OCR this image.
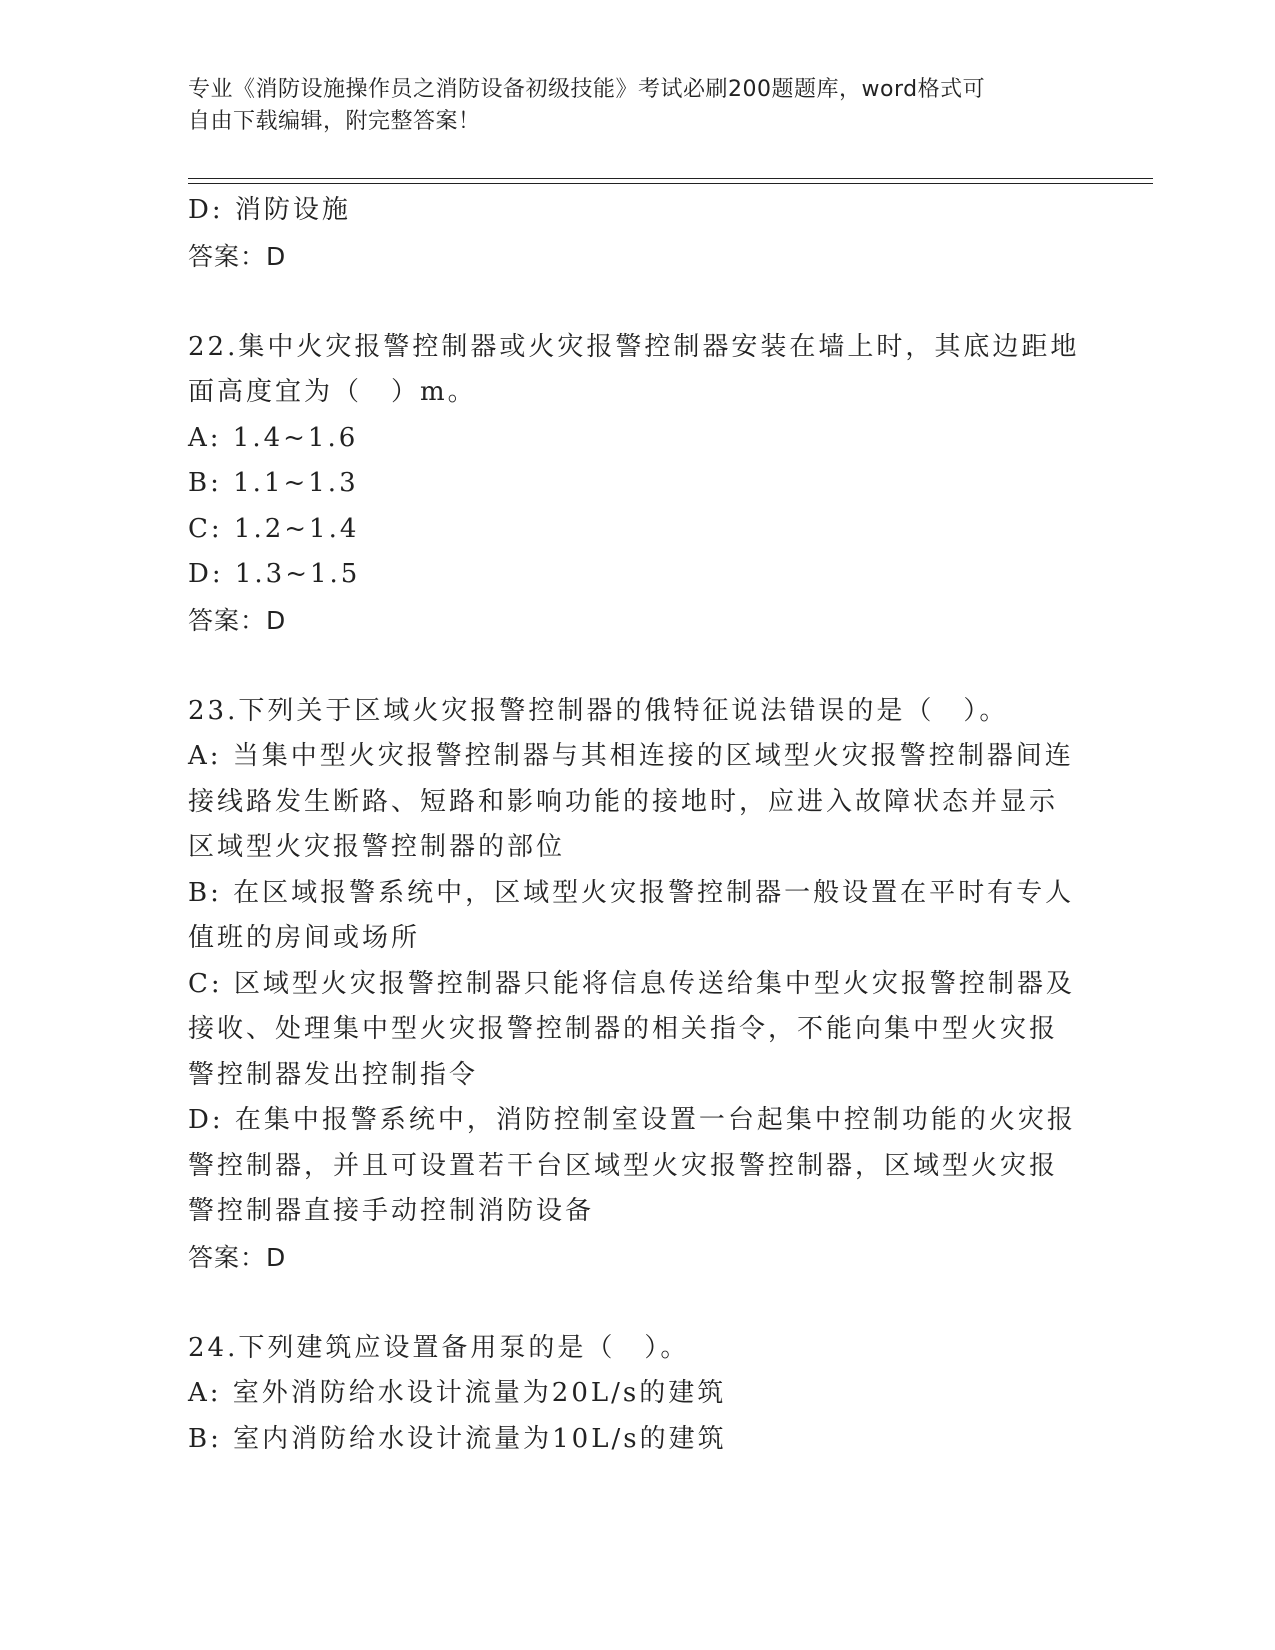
专业《消防设施操作员之消防设备初级技能》考试必刷200题题库，word格式可
自由下载编辑，附完整答案！
D: 消防设施
答案：D
22.集中火灾报警控制器或火灾报警控制器安装在墙上时，其底边距地
面高度宜为（　）m。
A: 1.4~1.6
B: 1.1~1.3
C: 1.2~1.4
D: 1.3~1.5
答案：D
23.下列关于区域火灾报警控制器的俄特征说法错误的是（　）。
A: 当集中型火灾报警控制器与其相连接的区域型火灾报警控制器间连
接线路发生断路、短路和影响功能的接地时，应进入故障状态并显示
区域型火灾报警控制器的部位
B: 在区域报警系统中，区域型火灾报警控制器一般设置在平时有专人
值班的房间或场所
C: 区域型火灾报警控制器只能将信息传送给集中型火灾报警控制器及
接收、处理集中型火灾报警控制器的相关指令，不能向集中型火灾报
警控制器发出控制指令
D: 在集中报警系统中，消防控制室设置一台起集中控制功能的火灾报
警控制器，并且可设置若干台区域型火灾报警控制器，区域型火灾报
警控制器直接手动控制消防设备
答案：D
24.下列建筑应设置备用泵的是（　）。
A: 室外消防给水设计流量为20L/s的建筑
B: 室内消防给水设计流量为10L/s的建筑
